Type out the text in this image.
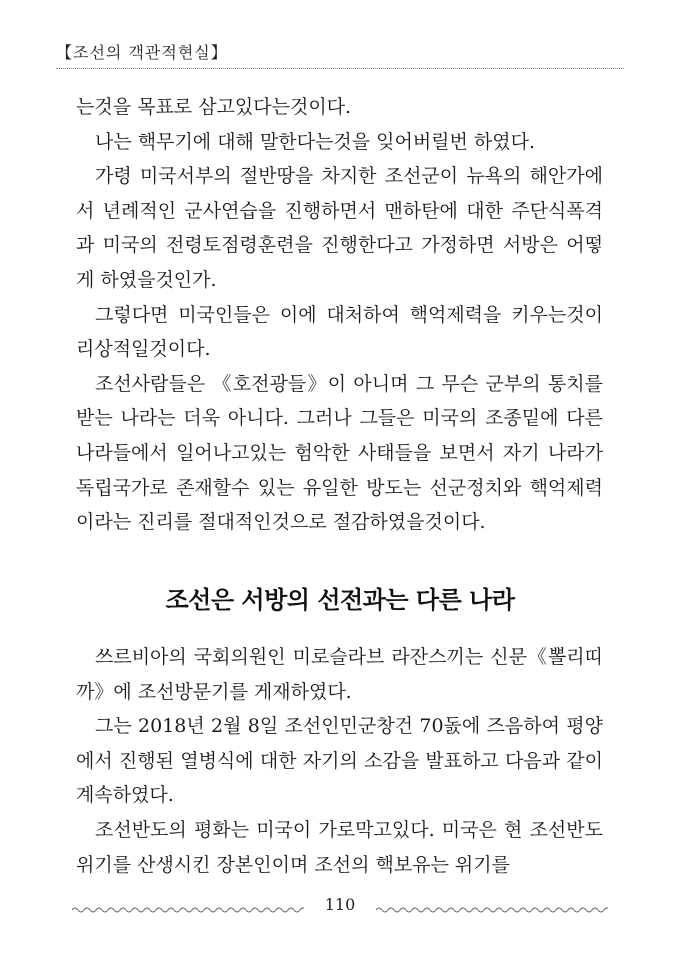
【조선의 객관적현실】

는것을 목표로 삼고있다는것이다.

나는 핵무기에 대해 말한다는것을 잊어버릴번 하였다.

가령 미국서부의 절반땅을 차지한 조선군이 뉴욕의 해안가에서 년례적인 군사연습을 진행하면서 맨하탄에 대한 주단식폭격과 미국의 전령토점령훈련을 진행한다고 가정하면 서방은 어떻게 하였을것인가.

그렇다면 미국인들은 이에 대처하여 핵억제력을 키우는것이 리상적일것이다.

조선사람들은 《호전광들》이 아니며 그 무슨 군부의 통치를 받는 나라는 더욱 아니다. 그러나 그들은 미국의 조종밑에 다른 나라들에서 일어나고있는 험악한 사태들을 보면서 자기 나라가 독립국가로 존재할수 있는 유일한 방도는 선군정치와 핵억제력이라는 진리를 절대적인것으로 절감하였을것이다.

조선은 서방의 선전과는 다른 나라

쓰르비아의 국회의원인 미로슬라브 라잔스끼는 신문《뽈리띠까》에 조선방문기를 게재하였다.

그는 2018년 2월 8일 조선인민군창건 70돐에 즈음하여 평양에서 진행된 열병식에 대한 자기의 소감을 발표하고 다음과 같이 계속하였다.

조선반도의 평화는 미국이 가로막고있다. 미국은 현 조선반도위기를 산생시킨 장본인이며 조선의 핵보유는 위기를

110
